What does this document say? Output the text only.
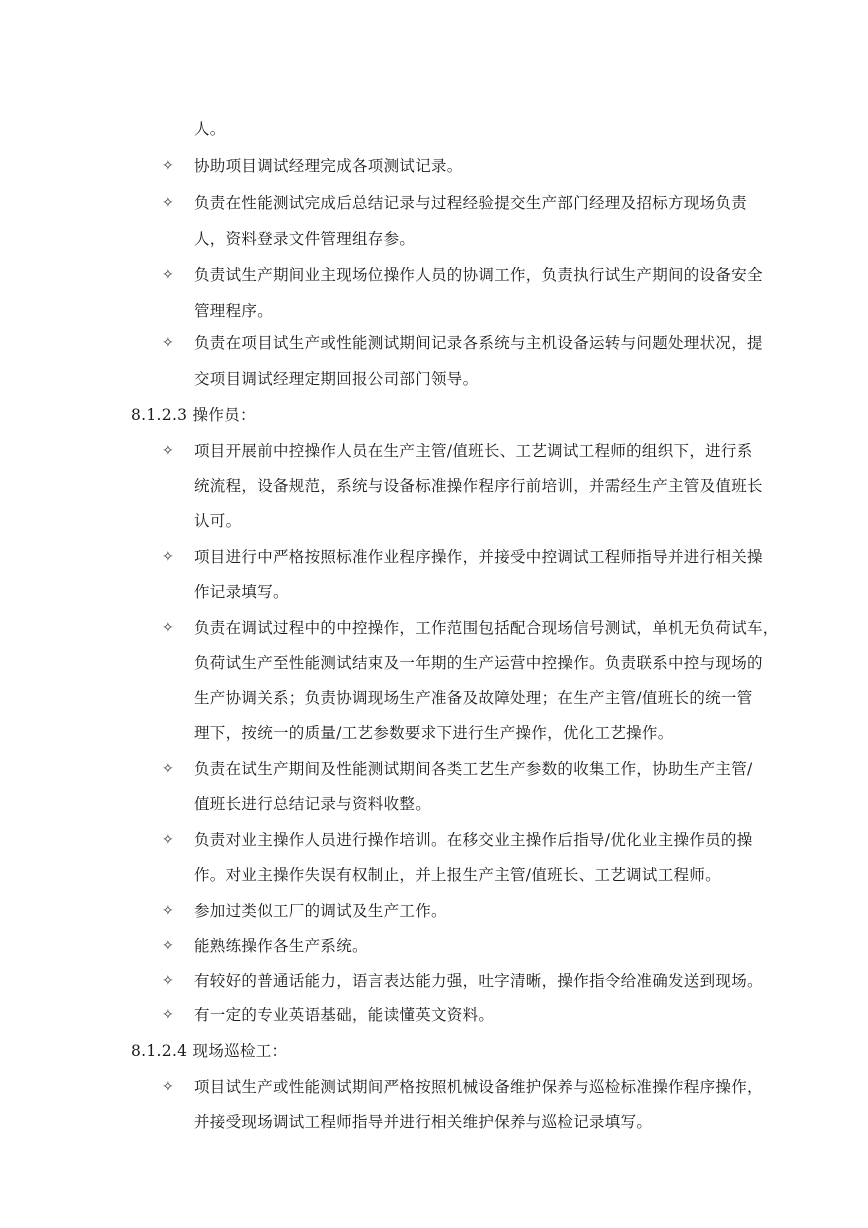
人。
✧ 协助项目调试经理完成各项测试记录。
✧ 负责在性能测试完成后总结记录与过程经验提交生产部门经理及招标方现场负责
人，资料登录文件管理组存参。
✧ 负责试生产期间业主现场位操作人员的协调工作，负责执行试生产期间的设备安全
管理程序。
✧ 负责在项目试生产或性能测试期间记录各系统与主机设备运转与问题处理状况，提
交项目调试经理定期回报公司部门领导。
8.1.2.3 操作员：
✧ 项目开展前中控操作人员在生产主管/值班长、工艺调试工程师的组织下，进行系
统流程，设备规范，系统与设备标准操作程序行前培训，并需经生产主管及值班长
认可。
✧ 项目进行中严格按照标准作业程序操作，并接受中控调试工程师指导并进行相关操
作记录填写。
✧ 负责在调试过程中的中控操作，工作范围包括配合现场信号测试，单机无负荷试车，
负荷试生产至性能测试结束及一年期的生产运营中控操作。负责联系中控与现场的
生产协调关系；负责协调现场生产准备及故障处理；在生产主管/值班长的统一管
理下，按统一的质量/工艺参数要求下进行生产操作，优化工艺操作。
✧ 负责在试生产期间及性能测试期间各类工艺生产参数的收集工作，协助生产主管/
值班长进行总结记录与资料收整。
✧ 负责对业主操作人员进行操作培训。在移交业主操作后指导/优化业主操作员的操
作。对业主操作失误有权制止，并上报生产主管/值班长、工艺调试工程师。
✧ 参加过类似工厂的调试及生产工作。
✧ 能熟练操作各生产系统。
✧ 有较好的普通话能力，语言表达能力强，吐字清晰，操作指令给准确发送到现场。
✧ 有一定的专业英语基础，能读懂英文资料。
8.1.2.4 现场巡检工：
✧ 项目试生产或性能测试期间严格按照机械设备维护保养与巡检标准操作程序操作，
并接受现场调试工程师指导并进行相关维护保养与巡检记录填写。
